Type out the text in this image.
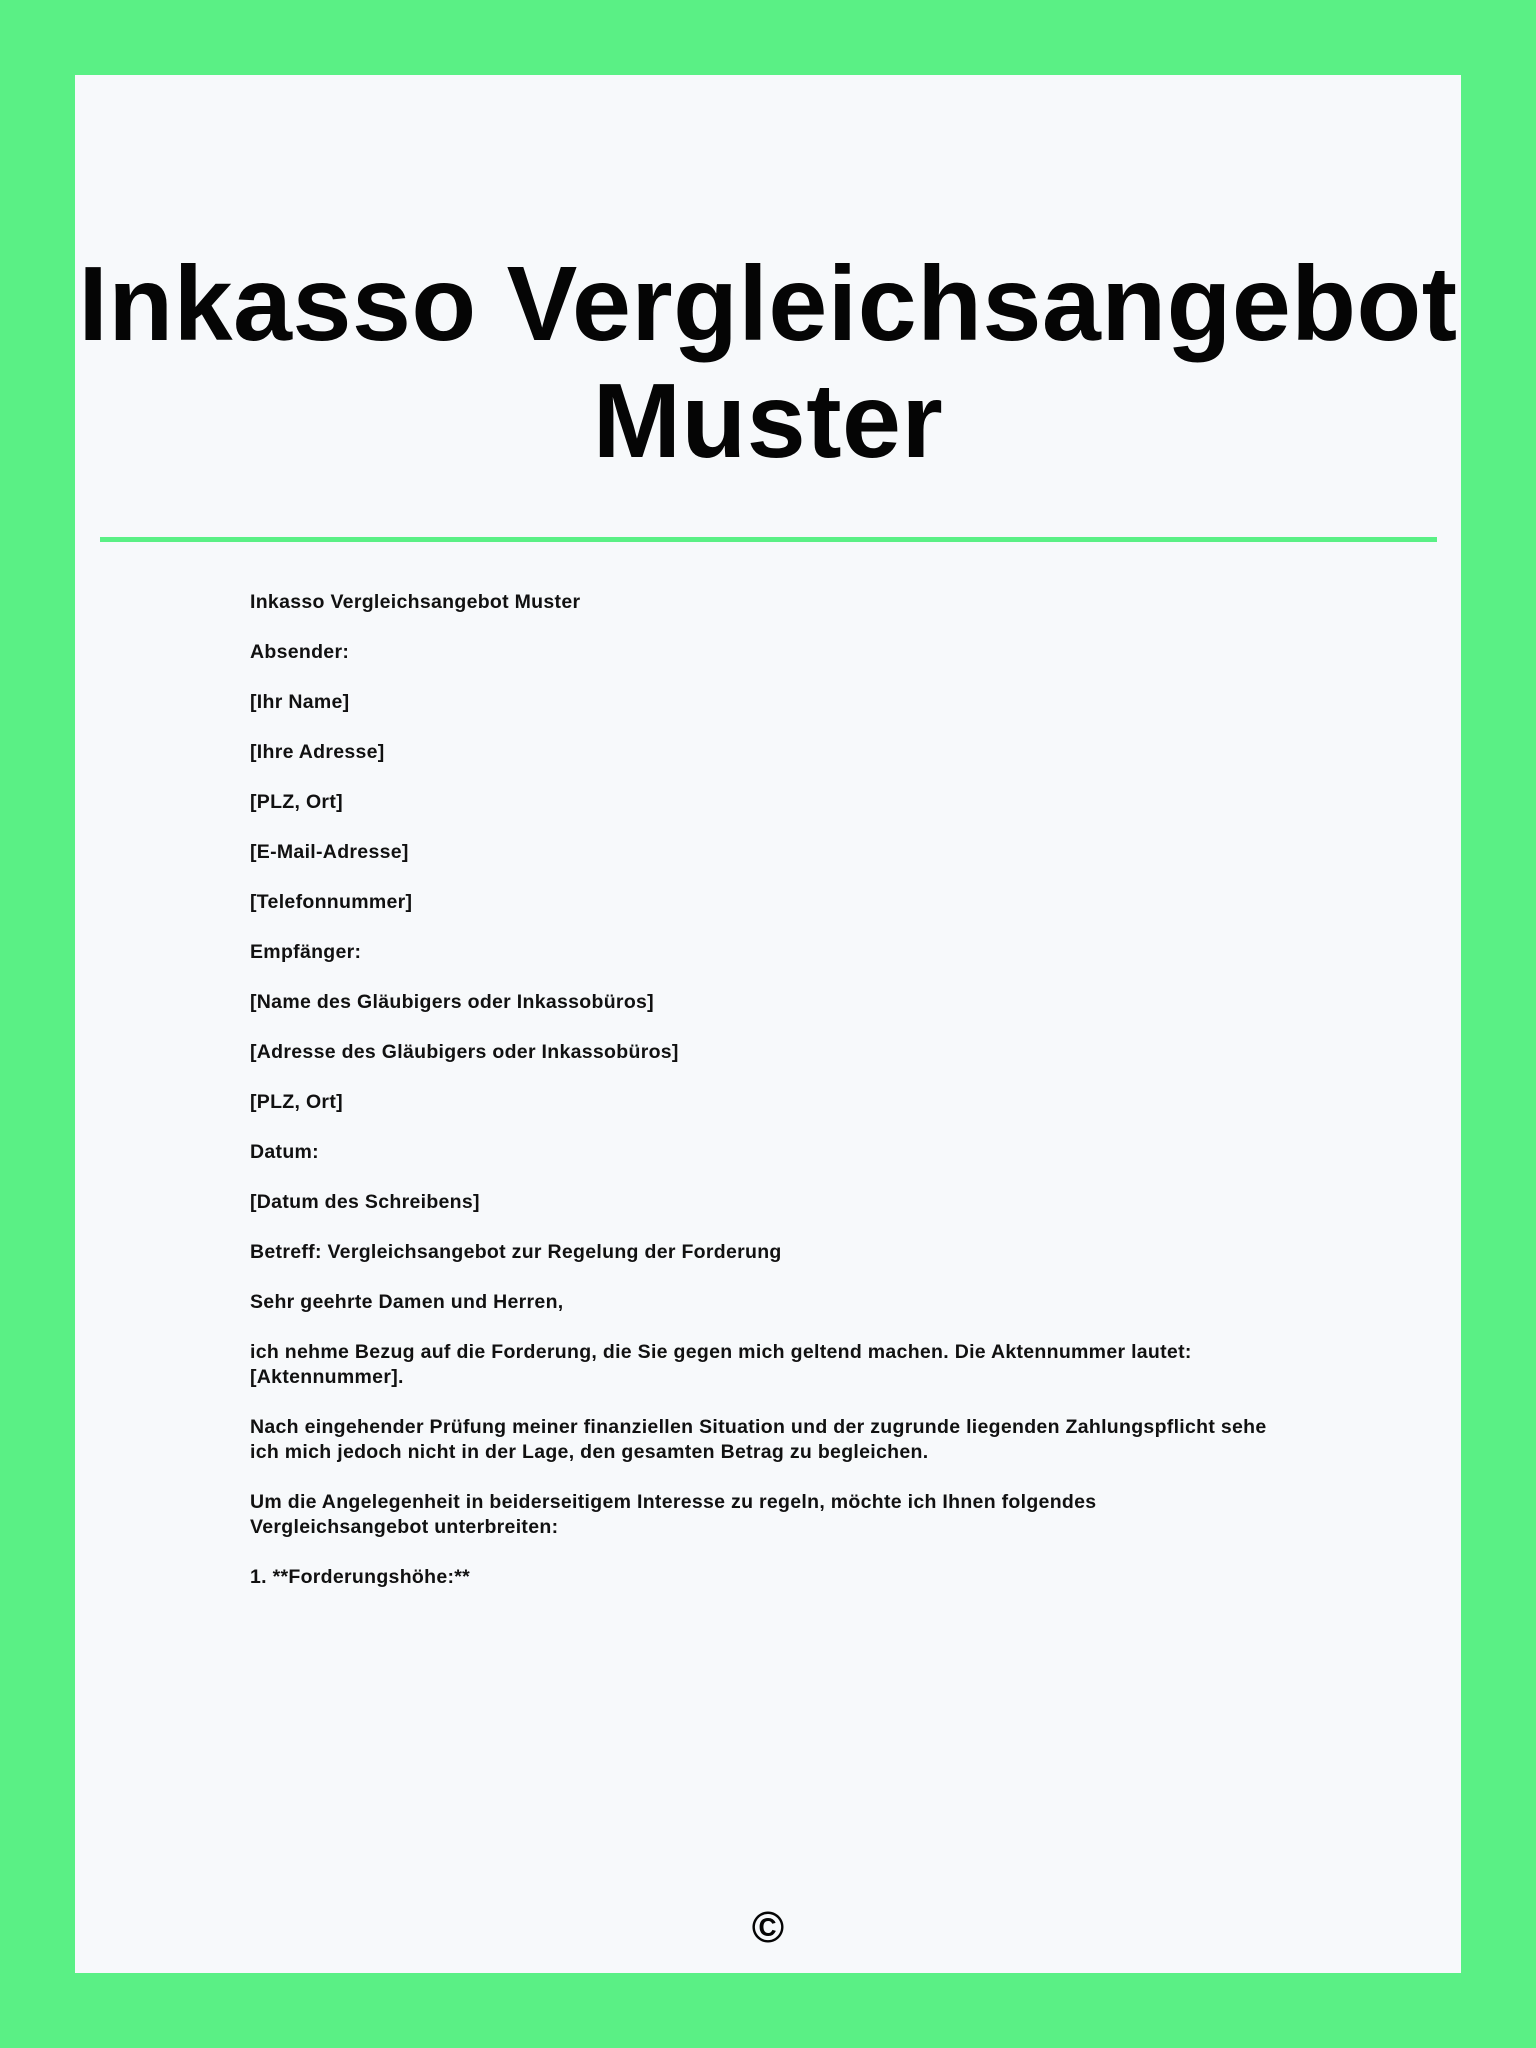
Inkasso Vergleichsangebot
Muster

Inkasso Vergleichsangebot Muster

Absender:

[Ihr Name]

[Ihre Adresse]

[PLZ, Ort]

[E-Mail-Adresse]

[Telefonnummer]

Empfänger:

[Name des Gläubigers oder Inkassobüros]

[Adresse des Gläubigers oder Inkassobüros]

[PLZ, Ort]

Datum:

[Datum des Schreibens]

Betreff: Vergleichsangebot zur Regelung der Forderung

Sehr geehrte Damen und Herren,

ich nehme Bezug auf die Forderung, die Sie gegen mich geltend machen. Die Aktennummer lautet: [Aktennummer].

Nach eingehender Prüfung meiner finanziellen Situation und der zugrunde liegenden Zahlungspflicht sehe ich mich jedoch nicht in der Lage, den gesamten Betrag zu begleichen.

Um die Angelegenheit in beiderseitigem Interesse zu regeln, möchte ich Ihnen folgendes Vergleichsangebot unterbreiten:

1. **Forderungshöhe:**

©
